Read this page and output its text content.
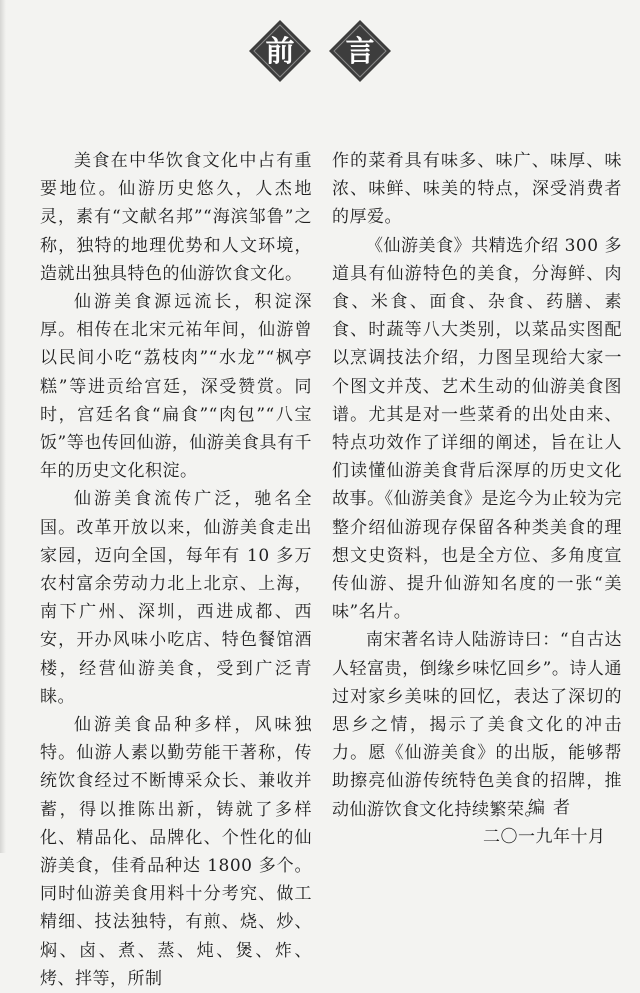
前	言

美食在中华饮食文化中占有重要地位。仙游历史悠久，人杰地灵，素有“文献名邦”“海滨邹鲁”之称，独特的地理优势和人文环境，造就出独具特色的仙游饮食文化。

仙游美食源远流长，积淀深厚。相传在北宋元祐年间，仙游曾以民间小吃“荔枝肉”“水龙”“枫亭糕”等进贡给宫廷，深受赞赏。同时，宫廷名食“扁食”“肉包”“八宝饭”等也传回仙游，仙游美食具有千年的历史文化积淀。

仙游美食流传广泛，驰名全国。改革开放以来，仙游美食走出家园，迈向全国，每年有 10 多万农村富余劳动力北上北京、上海，南下广州、深圳，西进成都、西安，开办风味小吃店、特色餐馆酒楼，经营仙游美食，受到广泛青睐。

仙游美食品种多样，风味独特。仙游人素以勤劳能干著称，传统饮食经过不断博采众长、兼收并蓄，得以推陈出新，铸就了多样化、精品化、品牌化、个性化的仙游美食，佳肴品种达 1800 多个。同时仙游美食用料十分考究、做工精细、技法独特，有煎、烧、炒、焖、卤、煮、蒸、炖、煲、炸、烤、拌等，所制

作的菜肴具有味多、味广、味厚、味浓、味鲜、味美的特点，深受消费者的厚爱。

《仙游美食》共精选介绍 300 多道具有仙游特色的美食，分海鲜、肉食、米食、面食、杂食、药膳、素食、时蔬等八大类别，以菜品实图配以烹调技法介绍，力图呈现给大家一个图文并茂、艺术生动的仙游美食图谱。尤其是对一些菜肴的出处由来、特点功效作了详细的阐述，旨在让人们读懂仙游美食背后深厚的历史文化故事。《仙游美食》是迄今为止较为完整介绍仙游现存保留各种类美食的理想文史资料，也是全方位、多角度宣传仙游、提升仙游知名度的一张“美味”名片。

南宋著名诗人陆游诗曰：“自古达人轻富贵，倒缘乡味忆回乡”。诗人通过对家乡美味的回忆，表达了深切的思乡之情，揭示了美食文化的冲击力。愿《仙游美食》的出版，能够帮助擦亮仙游传统特色美食的招牌，推动仙游饮食文化持续繁荣。

编者
二〇一九年十月
